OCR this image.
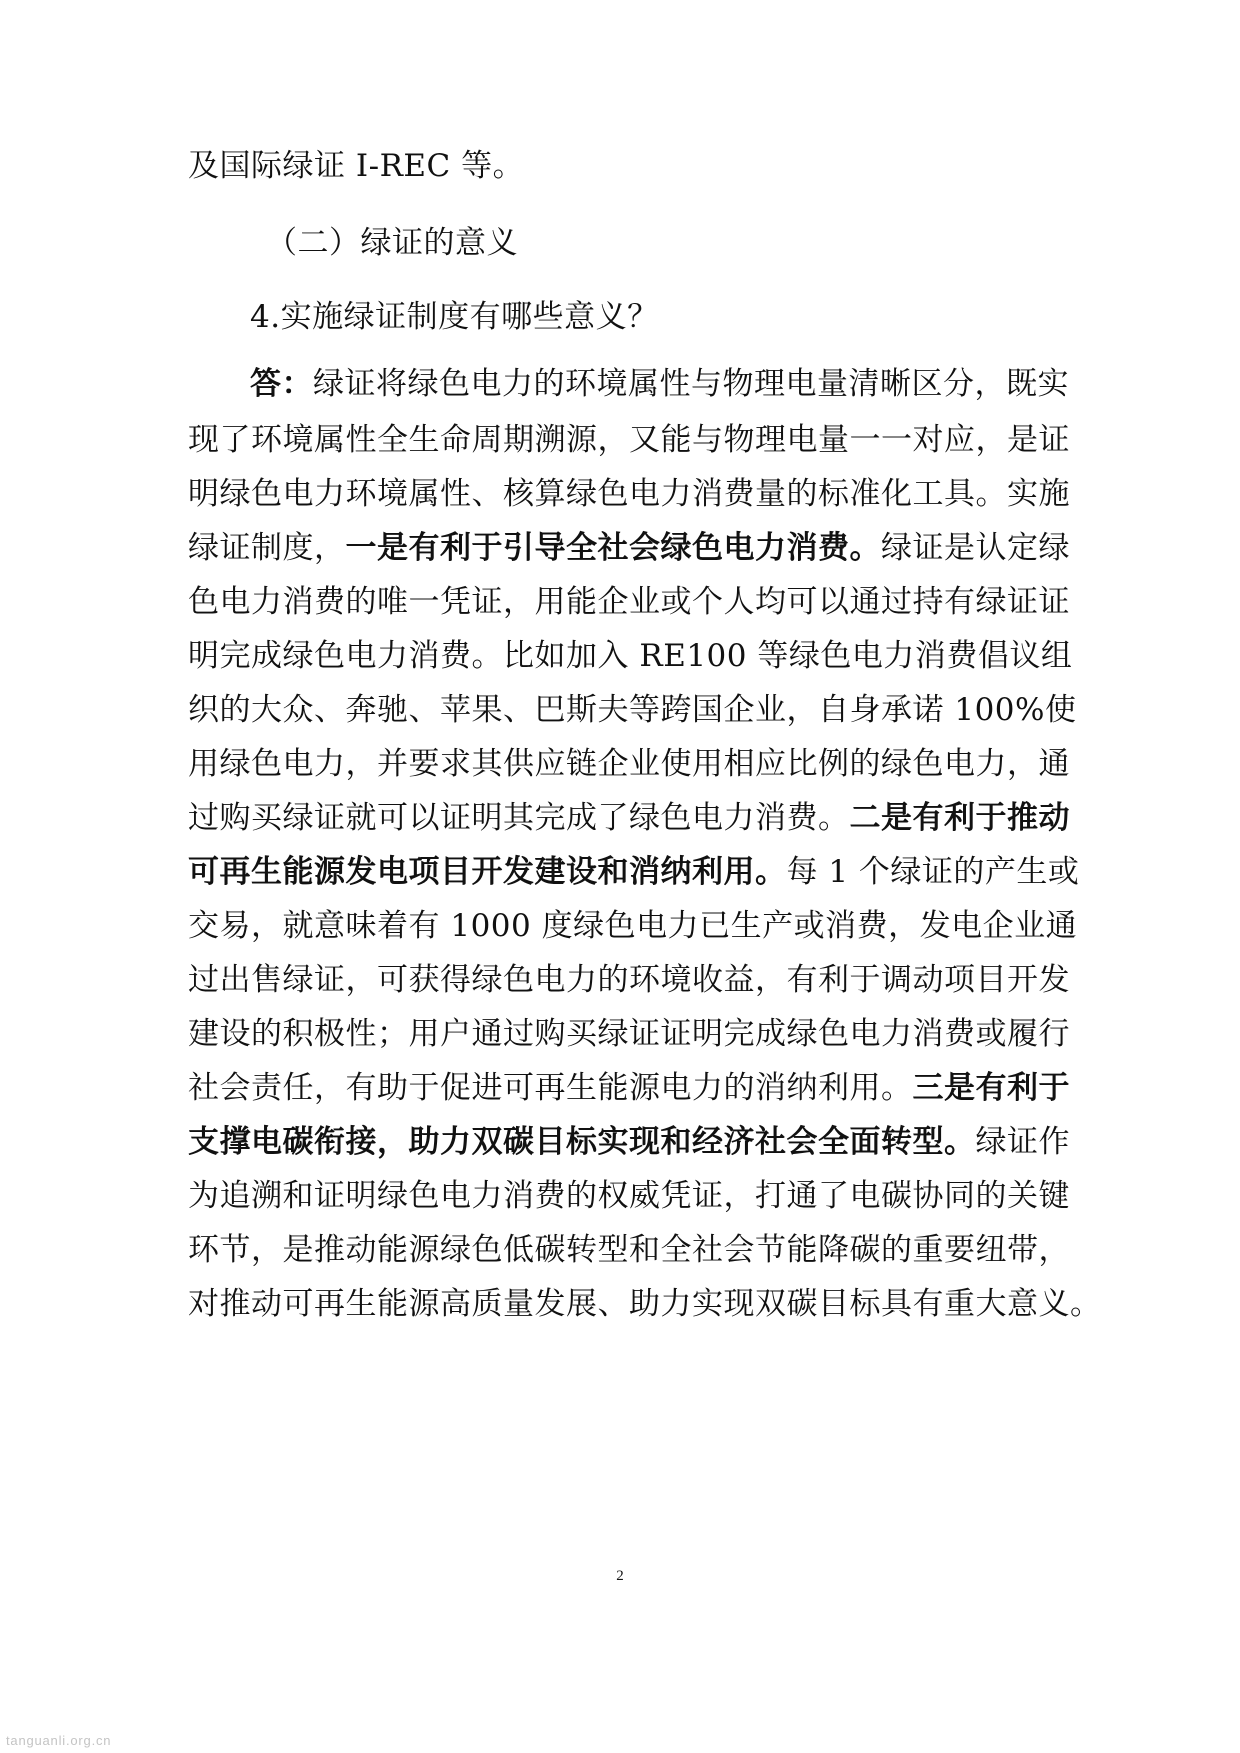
及国际绿证 I-REC 等。
（二）绿证的意义
4.实施绿证制度有哪些意义？
答：绿证将绿色电力的环境属性与物理电量清晰区分，既实
现了环境属性全生命周期溯源，又能与物理电量一一对应，是证
明绿色电力环境属性、核算绿色电力消费量的标准化工具。实施
绿证制度，一是有利于引导全社会绿色电力消费。绿证是认定绿
色电力消费的唯一凭证，用能企业或个人均可以通过持有绿证证
明完成绿色电力消费。比如加入 RE100 等绿色电力消费倡议组
织的大众、奔驰、苹果、巴斯夫等跨国企业，自身承诺 100%使
用绿色电力，并要求其供应链企业使用相应比例的绿色电力，通
过购买绿证就可以证明其完成了绿色电力消费。二是有利于推动
可再生能源发电项目开发建设和消纳利用。每 1 个绿证的产生或
交易，就意味着有 1000 度绿色电力已生产或消费，发电企业通
过出售绿证，可获得绿色电力的环境收益，有利于调动项目开发
建设的积极性；用户通过购买绿证证明完成绿色电力消费或履行
社会责任，有助于促进可再生能源电力的消纳利用。三是有利于
支撑电碳衔接，助力双碳目标实现和经济社会全面转型。绿证作
为追溯和证明绿色电力消费的权威凭证，打通了电碳协同的关键
环节，是推动能源绿色低碳转型和全社会节能降碳的重要纽带，
对推动可再生能源高质量发展、助力实现双碳目标具有重大意义。
2
tanguanli.org.cn
